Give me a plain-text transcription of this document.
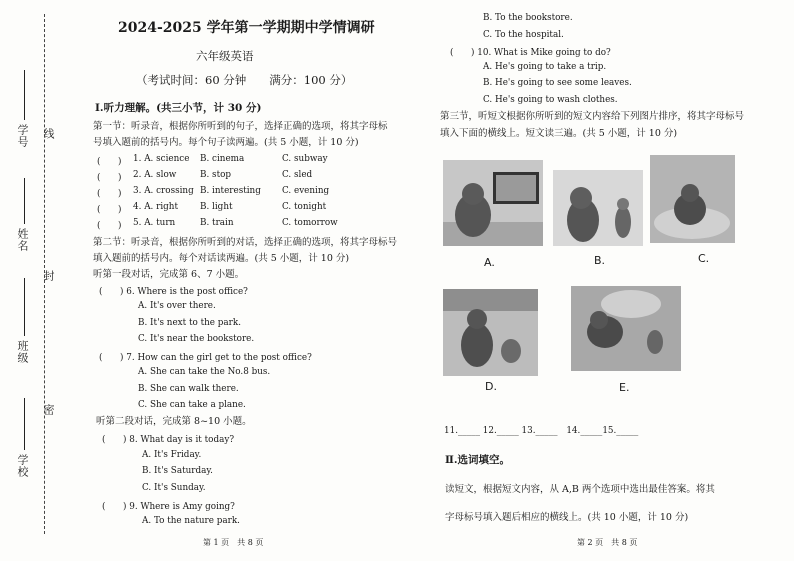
学号 线
姓名
封
班级
密
学校
2024-2025 学年第一学期期中学情调研
六年级英语
（考试时间：60 分钟　　满分：100 分）
Ⅰ.听力理解。(共三小节，计 30 分)
第一节：听录音，根据你所听到的句子，选择正确的选项，将其字母标
号填入题前的括号内。每个句子读两遍。(共 5 小题，计 10 分)
(　　) 1. A. science B. cinema	C. subway
(　　) 2. A. slow	B. stop	C. sled
(　　) 3. A. crossing B. interesting C. evening
(　　) 4. A. right	B. light	C. tonight
(　　) 5. A. turn	B. train	C. tomorrow
第二节：听录音，根据你所听到的对话，选择正确的选项，将其字母标号
填入题前的括号内。每个对话读两遍。(共 5 小题，计 10 分)
听第一段对话，完成第 6、7 小题。
(　　) 6. Where is the post office?
A. It's over there.
B. It's next to the park.
C. It's near the bookstore.
(　　) 7. How can the girl get to the post office?
A. She can take the No.8 bus.
B. She can walk there.
C. She can take a plane.
听第二段对话，完成第 8~10 小题。
(　　) 8. What day is it today?
A. It's Friday.
B. It's Saturday.
C. It's Sunday.
(　　) 9. Where is Amy going?
A. To the nature park.
第 1 页　共 8 页
B. To the bookstore.
C. To the hospital.
(　　) 10. What is Mike going to do?
A. He's going to take a trip.
B. He's going to see some leaves.
C. He's going to wash clothes.
第三节，听短文根据你所听到的短文内容给下列图片排序，将其字母标号
填入下面的横线上。短文读三遍。(共 5 小题，计 10 分)
A.	B.	C.
D.	E.
11._____ 12._____ 13._____　14._____15._____
Ⅱ.选词填空。
读短文，根据短文内容，从 A,B 两个选项中选出最佳答案。将其
字母标号填入题后相应的横线上。(共 10 小题，计 10 分)
第 2 页　共 8 页
